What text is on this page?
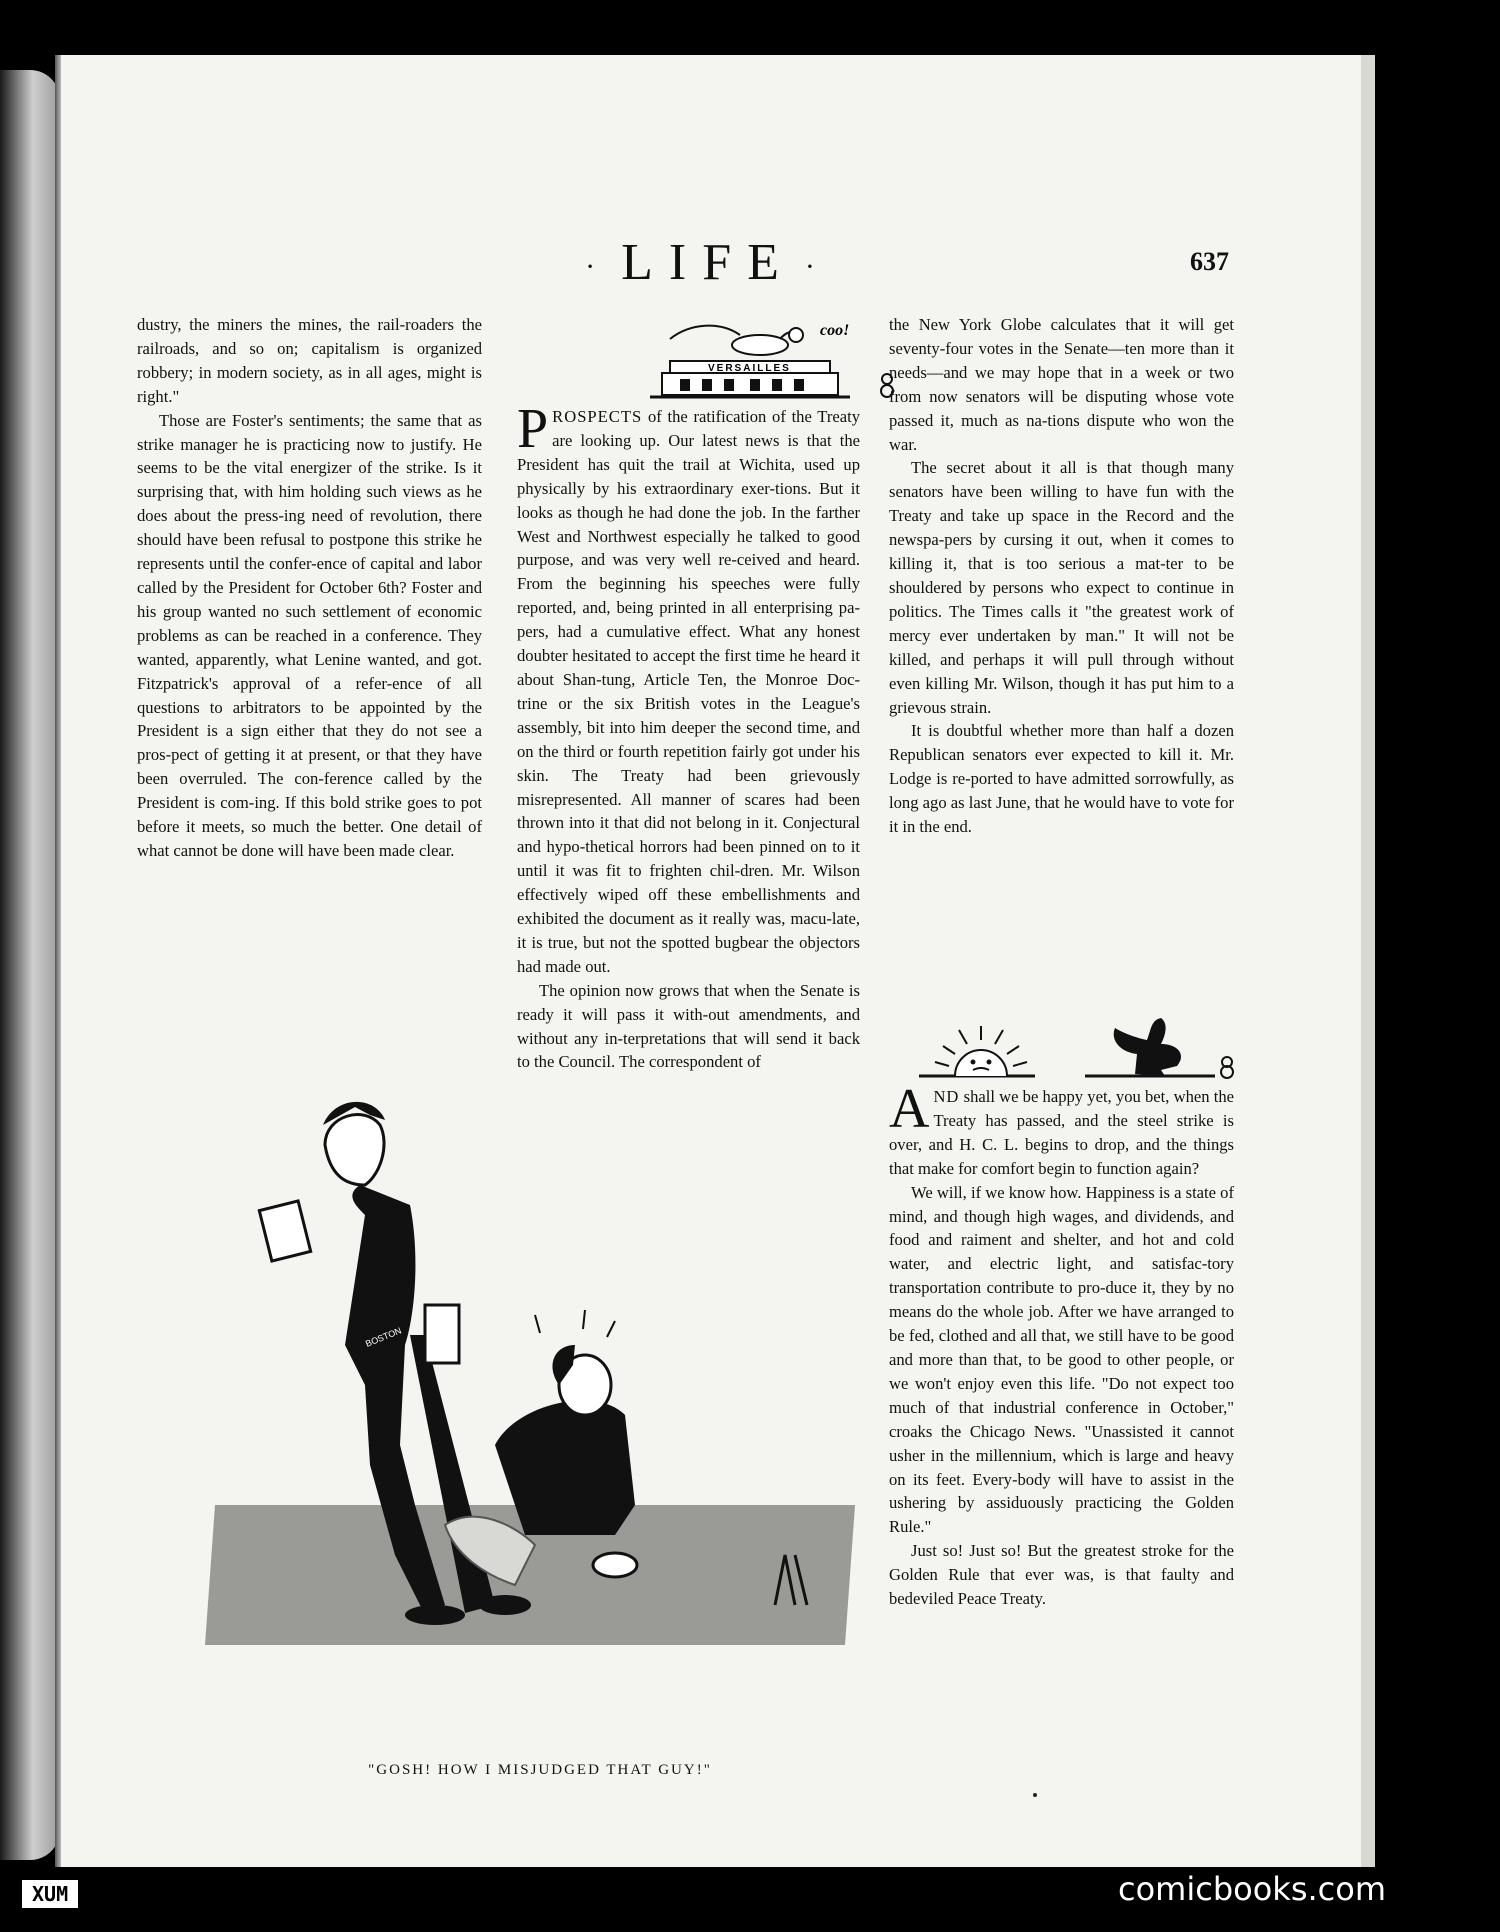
· LIFE ·	637

dustry, the miners the mines, the rail-roaders the railroads, and so on; capitalism is organized robbery; in modern society, as in all ages, might is right."

Those are Foster's sentiments; the same that as strike manager he is practicing now to justify. He seems to be the vital energizer of the strike. Is it surprising that, with him holding such views as he does about the press-ing need of revolution, there should have been refusal to postpone this strike he represents until the confer-ence of capital and labor called by the President for October 6th? Foster and his group wanted no such settlement of economic problems as can be reached in a conference. They wanted, apparently, what Lenine wanted, and got. Fitzpatrick's approval of a refer-ence of all questions to arbitrators to be appointed by the President is a sign either that they do not see a pros-pect of getting it at present, or that they have been overruled. The con-ference called by the President is com-ing. If this bold strike goes to pot before it meets, so much the better. One detail of what cannot be done will have been made clear.

coo!
VERSAILLES

PROSPECTS of the ratification of the Treaty are looking up. Our latest news is that the President has quit the trail at Wichita, used up physically by his extraordinary exer-tions. But it looks as though he had done the job. In the farther West and Northwest especially he talked to good purpose, and was very well re-ceived and heard. From the beginning his speeches were fully reported, and, being printed in all enterprising pa-pers, had a cumulative effect. What any honest doubter hesitated to accept the first time he heard it about Shan-tung, Article Ten, the Monroe Doc-trine or the six British votes in the League's assembly, bit into him deeper the second time, and on the third or fourth repetition fairly got under his skin. The Treaty had been grievously misrepresented. All manner of scares had been thrown into it that did not belong in it. Conjectural and hypo-thetical horrors had been pinned on to it until it was fit to frighten chil-dren. Mr. Wilson effectively wiped off these embellishments and exhibited the document as it really was, macu-late, it is true, but not the spotted bugbear the objectors had made out.

The opinion now grows that when the Senate is ready it will pass it with-out amendments, and without any in-terpretations that will send it back to the Council. The correspondent of

the New York Globe calculates that it will get seventy-four votes in the Senate—ten more than it needs—and we may hope that in a week or two from now senators will be disputing whose vote passed it, much as na-tions dispute who won the war.

The secret about it all is that though many senators have been willing to have fun with the Treaty and take up space in the Record and the newspa-pers by cursing it out, when it comes to killing it, that is too serious a mat-ter to be shouldered by persons who expect to continue in politics. The Times calls it "the greatest work of mercy ever undertaken by man." It will not be killed, and perhaps it will pull through without even killing Mr. Wilson, though it has put him to a grievous strain.

It is doubtful whether more than half a dozen Republican senators ever expected to kill it. Mr. Lodge is re-ported to have admitted sorrowfully, as long ago as last June, that he would have to vote for it in the end.

AND shall we be happy yet, you bet, when the Treaty has passed, and the steel strike is over, and H. C. L. begins to drop, and the things that make for comfort begin to function again?

We will, if we know how. Happiness is a state of mind, and though high wages, and dividends, and food and raiment and shelter, and hot and cold water, and electric light, and satisfac-tory transportation contribute to pro-duce it, they by no means do the whole job. After we have arranged to be fed, clothed and all that, we still have to be good and more than that, to be good to other people, or we won't enjoy even this life. "Do not expect too much of that industrial conference in October," croaks the Chicago News. "Unassisted it cannot usher in the millennium, which is large and heavy on its feet. Every-body will have to assist in the ushering by assiduously practicing the Golden Rule."

Just so! Just so! But the greatest stroke for the Golden Rule that ever was, is that faulty and bedeviled Peace Treaty.

BOSTON
"GOSH! HOW I MISJUDGED THAT GUY!"
XUM	comicbooks.com
